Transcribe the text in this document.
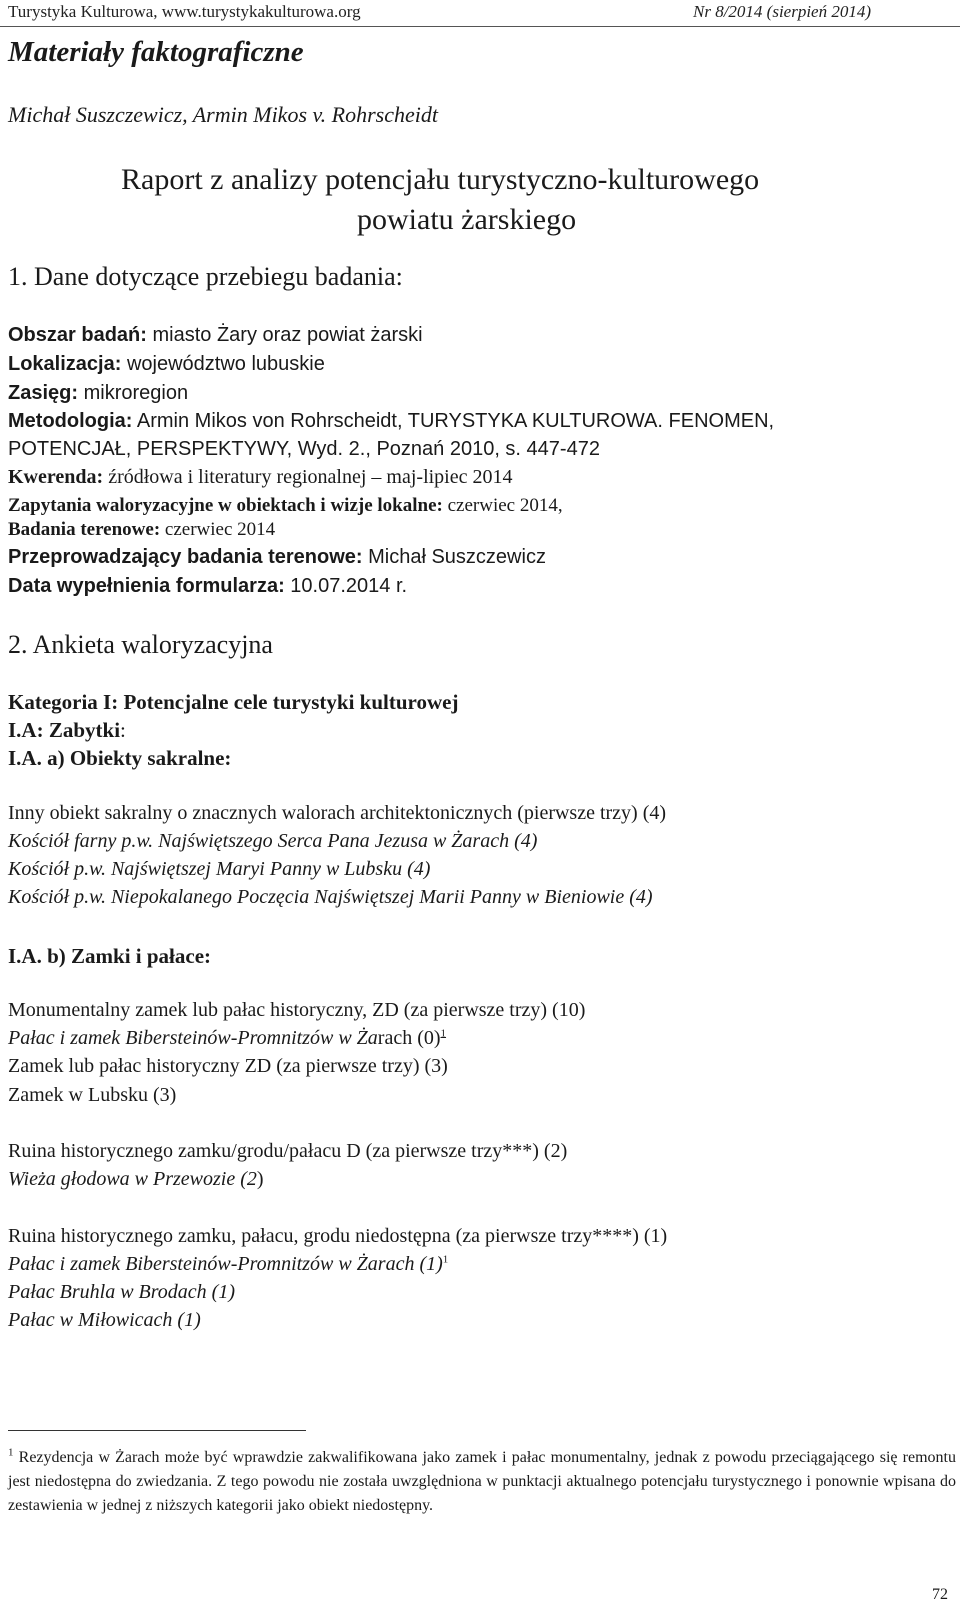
Turystyka Kulturowa, www.turystykakulturowa.org	Nr 8/2014 (sierpień 2014)
Materiały faktograficzne
Michał Suszczewicz, Armin Mikos v. Rohrscheidt
Raport z analizy potencjału turystyczno-kulturowego
powiatu żarskiego
1. Dane dotyczące przebiegu badania:
Obszar badań: miasto Żary oraz powiat żarski
Lokalizacja: województwo lubuskie
Zasięg: mikroregion
Metodologia: Armin Mikos von Rohrscheidt, TURYSTYKA KULTUROWA. FENOMEN,
POTENCJAŁ, PERSPEKTYWY, Wyd. 2., Poznań 2010, s. 447-472
Kwerenda: źródłowa i literatury regionalnej – maj-lipiec 2014
Zapytania waloryzacyjne w obiektach i wizje lokalne: czerwiec 2014,
Badania terenowe: czerwiec 2014
Przeprowadzający badania terenowe: Michał Suszczewicz
Data wypełnienia formularza: 10.07.2014 r.
2. Ankieta waloryzacyjna
Kategoria I: Potencjalne cele turystyki kulturowej
I.A: Zabytki:
I.A. a) Obiekty sakralne:
Inny obiekt sakralny o znacznych walorach architektonicznych (pierwsze trzy) (4)
Kościół farny p.w. Najświętszego Serca Pana Jezusa w Żarach (4)
Kościół p.w. Najświętszej Maryi Panny w Lubsku (4)
Kościół p.w. Niepokalanego Poczęcia Najświętszej Marii Panny w Bieniowie (4)
I.A. b) Zamki i pałace:
Monumentalny zamek lub pałac historyczny, ZD (za pierwsze trzy) (10)
Pałac i zamek Bibersteinów-Promnitzów w Żarach $(0)^1$
Zamek lub pałac historyczny ZD (za pierwsze trzy) (3)
Zamek w Lubsku (3)
Ruina historycznego zamku/grodu/pałacu D (za pierwsze trzy***) (2)
Wieża głodowa w Przewozie (2)
Ruina historycznego zamku, pałacu, grodu niedostępna (za pierwsze trzy****) (1)
Pałac i zamek Bibersteinów-Promnitzów w Żarach $(1)^1$
Pałac Bruhla w Brodach (1)
Pałac w Miłowicach (1)
$^1$ Rezydencja w Żarach może być wprawdzie zakwalifikowana jako zamek i pałac monumentalny, jednak z powodu przeciągającego się remontu jest niedostępna do zwiedzania. Z tego powodu nie została uwzględniona w punktacji aktualnego potencjału turystycznego i ponownie wpisana do zestawienia w jednej z niższych kategorii jako obiekt niedostępny.
72
